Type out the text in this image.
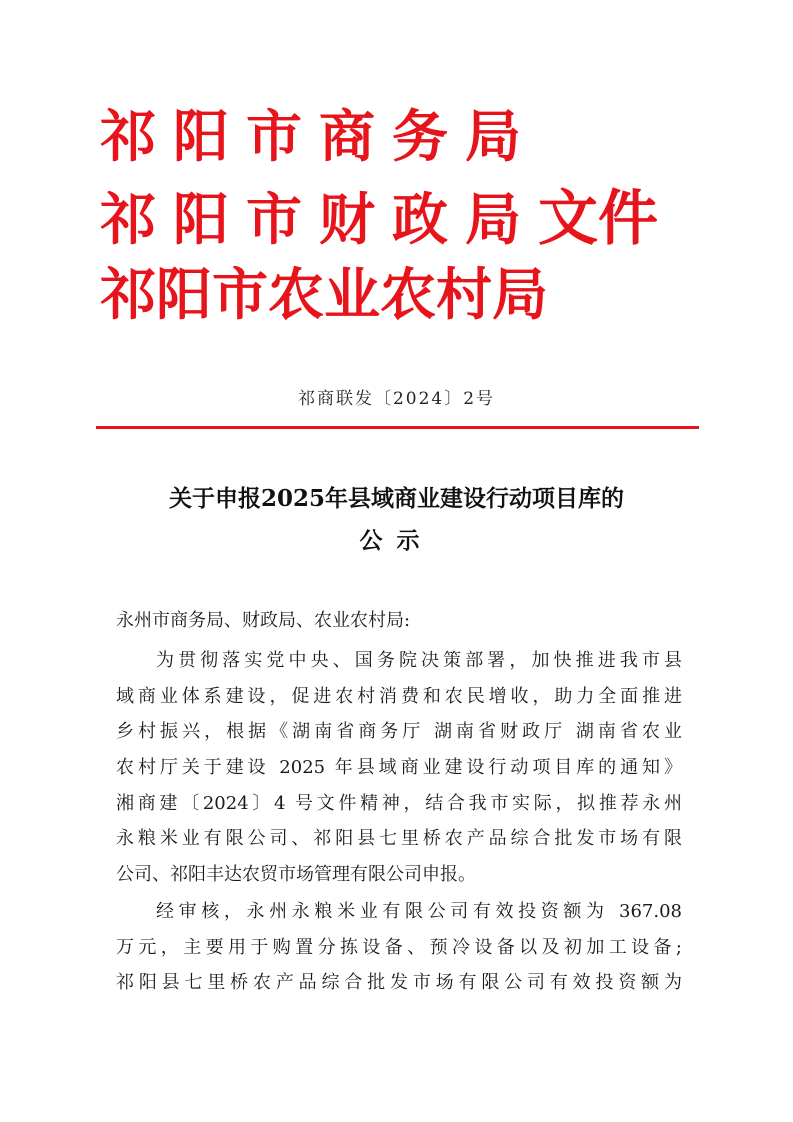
祁阳市商务局
祁阳市财政局文件
祁阳市农业农村局
祁商联发〔2024〕2号
关于申报2025年县域商业建设行动项目库的
公示
永州市商务局、财政局、农业农村局:
为贯彻落实党中央、国务院决策部署，加快推进我市县
域商业体系建设，促进农村消费和农民增收，助力全面推进
乡村振兴，根据《湖南省商务厅 湖南省财政厅 湖南省农业
农村厅关于建设 2025 年县域商业建设行动项目库的通知》
湘商建〔2024〕4 号文件精神，结合我市实际，拟推荐永州
永粮米业有限公司、祁阳县七里桥农产品综合批发市场有限
公司、祁阳丰达农贸市场管理有限公司申报。
经审核，永州永粮米业有限公司有效投资额为 367.08
万元，主要用于购置分拣设备、预冷设备以及初加工设备;
祁阳县七里桥农产品综合批发市场有限公司有效投资额为
